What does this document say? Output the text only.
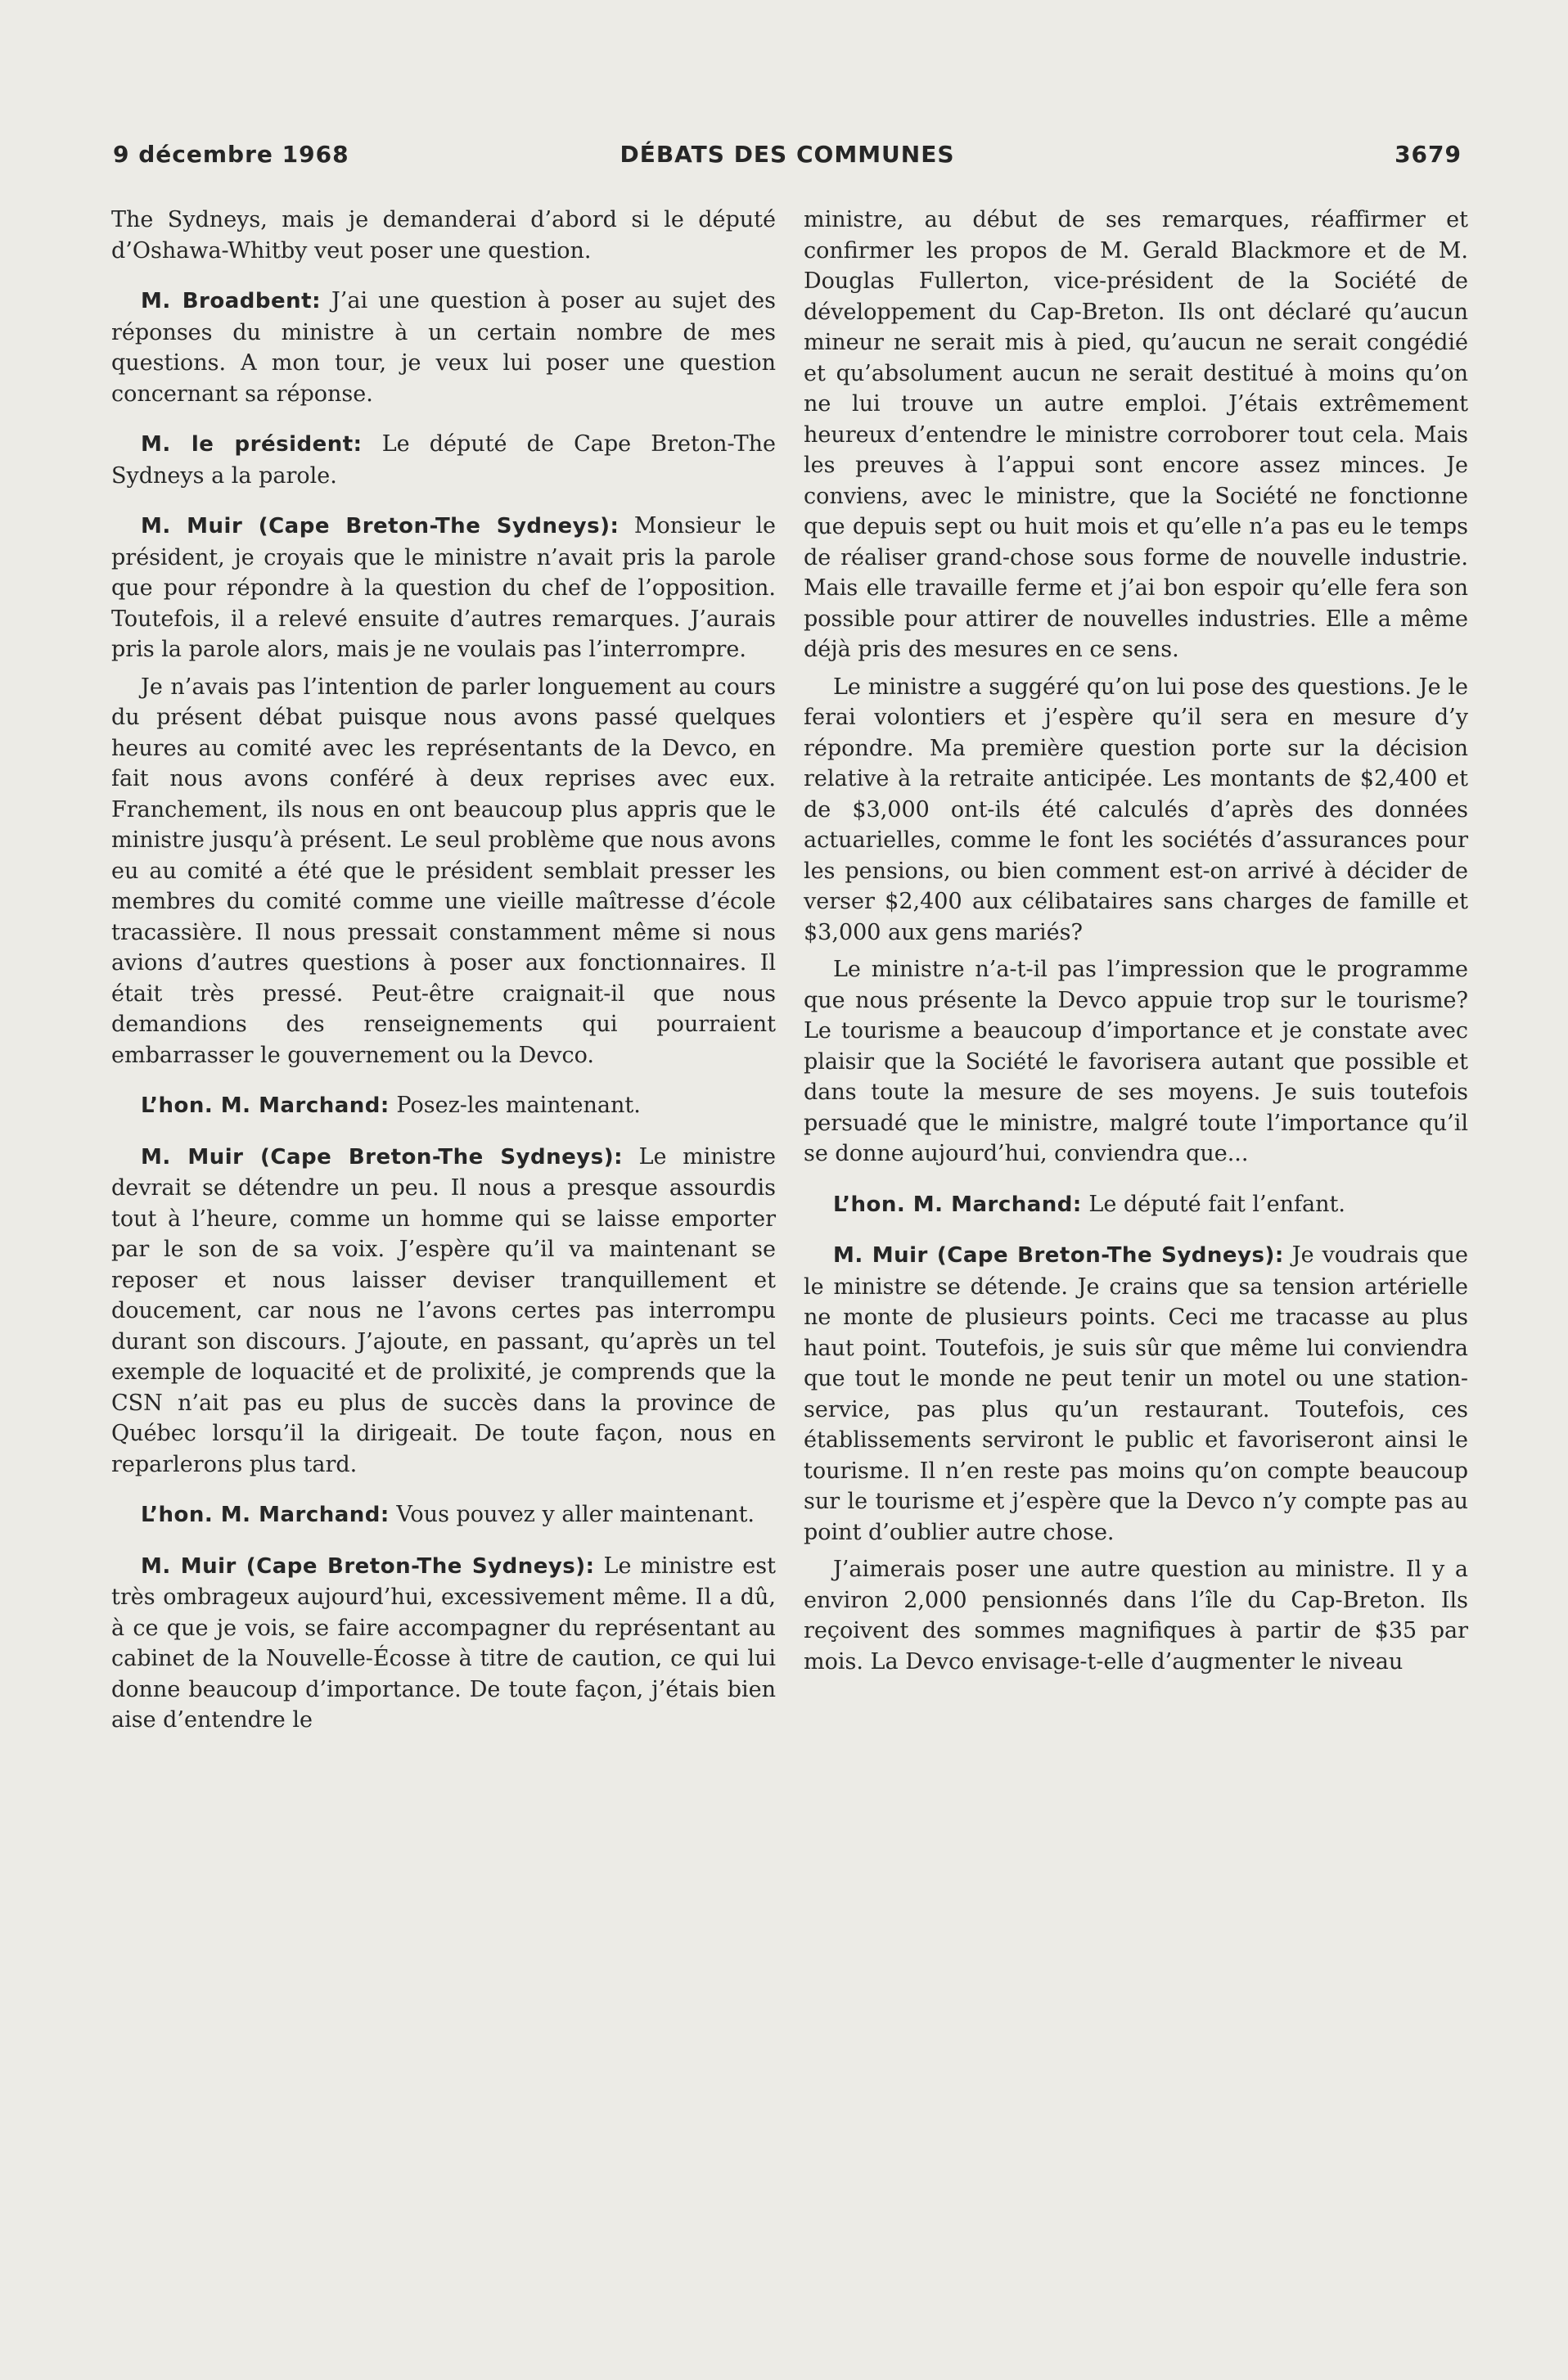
9 décembre 1968	DÉBATS DES COMMUNES	3679

The Sydneys, mais je demanderai d’abord si le député d’Oshawa-Whitby veut poser une question.

M. Broadbent: J’ai une question à poser au sujet des réponses du ministre à un certain nombre de mes questions. A mon tour, je veux lui poser une question concernant sa réponse.

M. le président: Le député de Cape Breton-The Sydneys a la parole.

M. Muir (Cape Breton-The Sydneys): Monsieur le président, je croyais que le ministre n’avait pris la parole que pour répondre à la question du chef de l’opposition. Toutefois, il a relevé ensuite d’autres remarques. J’aurais pris la parole alors, mais je ne voulais pas l’interrompre.

Je n’avais pas l’intention de parler longuement au cours du présent débat puisque nous avons passé quelques heures au comité avec les représentants de la Devco, en fait nous avons conféré à deux reprises avec eux. Franchement, ils nous en ont beaucoup plus appris que le ministre jusqu’à présent. Le seul problème que nous avons eu au comité a été que le président semblait presser les membres du comité comme une vieille maîtresse d’école tracassière. Il nous pressait constamment même si nous avions d’autres questions à poser aux fonctionnaires. Il était très pressé. Peut-être craignait-il que nous demandions des renseignements qui pourraient embarrasser le gouvernement ou la Devco.

L’hon. M. Marchand: Posez-les maintenant.

M. Muir (Cape Breton-The Sydneys): Le ministre devrait se détendre un peu. Il nous a presque assourdis tout à l’heure, comme un homme qui se laisse emporter par le son de sa voix. J’espère qu’il va maintenant se reposer et nous laisser deviser tranquillement et doucement, car nous ne l’avons certes pas interrompu durant son discours. J’ajoute, en passant, qu’après un tel exemple de loquacité et de prolixité, je comprends que la CSN n’ait pas eu plus de succès dans la province de Québec lorsqu’il la dirigeait. De toute façon, nous en reparlerons plus tard.

L’hon. M. Marchand: Vous pouvez y aller maintenant.

M. Muir (Cape Breton-The Sydneys): Le ministre est très ombrageux aujourd’hui, excessivement même. Il a dû, à ce que je vois, se faire accompagner du représentant au cabinet de la Nouvelle-Écosse à titre de caution, ce qui lui donne beaucoup d’importance. De toute façon, j’étais bien aise d’entendre le

ministre, au début de ses remarques, réaffirmer et confirmer les propos de M. Gerald Blackmore et de M. Douglas Fullerton, vice-président de la Société de développement du Cap-Breton. Ils ont déclaré qu’aucun mineur ne serait mis à pied, qu’aucun ne serait congédié et qu’absolument aucun ne serait destitué à moins qu’on ne lui trouve un autre emploi. J’étais extrêmement heureux d’entendre le ministre corroborer tout cela. Mais les preuves à l’appui sont encore assez minces. Je conviens, avec le ministre, que la Société ne fonctionne que depuis sept ou huit mois et qu’elle n’a pas eu le temps de réaliser grand-chose sous forme de nouvelle industrie. Mais elle travaille ferme et j’ai bon espoir qu’elle fera son possible pour attirer de nouvelles industries. Elle a même déjà pris des mesures en ce sens.

Le ministre a suggéré qu’on lui pose des questions. Je le ferai volontiers et j’espère qu’il sera en mesure d’y répondre. Ma première question porte sur la décision relative à la retraite anticipée. Les montants de $2,400 et de $3,000 ont-ils été calculés d’après des données actuarielles, comme le font les sociétés d’assurances pour les pensions, ou bien comment est-on arrivé à décider de verser $2,400 aux célibataires sans charges de famille et $3,000 aux gens mariés?

Le ministre n’a-t-il pas l’impression que le programme que nous présente la Devco appuie trop sur le tourisme? Le tourisme a beaucoup d’importance et je constate avec plaisir que la Société le favorisera autant que possible et dans toute la mesure de ses moyens. Je suis toutefois persuadé que le ministre, malgré toute l’importance qu’il se donne aujourd’hui, conviendra que...

L’hon. M. Marchand: Le député fait l’enfant.

M. Muir (Cape Breton-The Sydneys): Je voudrais que le ministre se détende. Je crains que sa tension artérielle ne monte de plusieurs points. Ceci me tracasse au plus haut point. Toutefois, je suis sûr que même lui conviendra que tout le monde ne peut tenir un motel ou une station-service, pas plus qu’un restaurant. Toutefois, ces établissements serviront le public et favoriseront ainsi le tourisme. Il n’en reste pas moins qu’on compte beaucoup sur le tourisme et j’espère que la Devco n’y compte pas au point d’oublier autre chose.

J’aimerais poser une autre question au ministre. Il y a environ 2,000 pensionnés dans l’île du Cap-Breton. Ils reçoivent des sommes magnifiques à partir de $35 par mois. La Devco envisage-t-elle d’augmenter le niveau
